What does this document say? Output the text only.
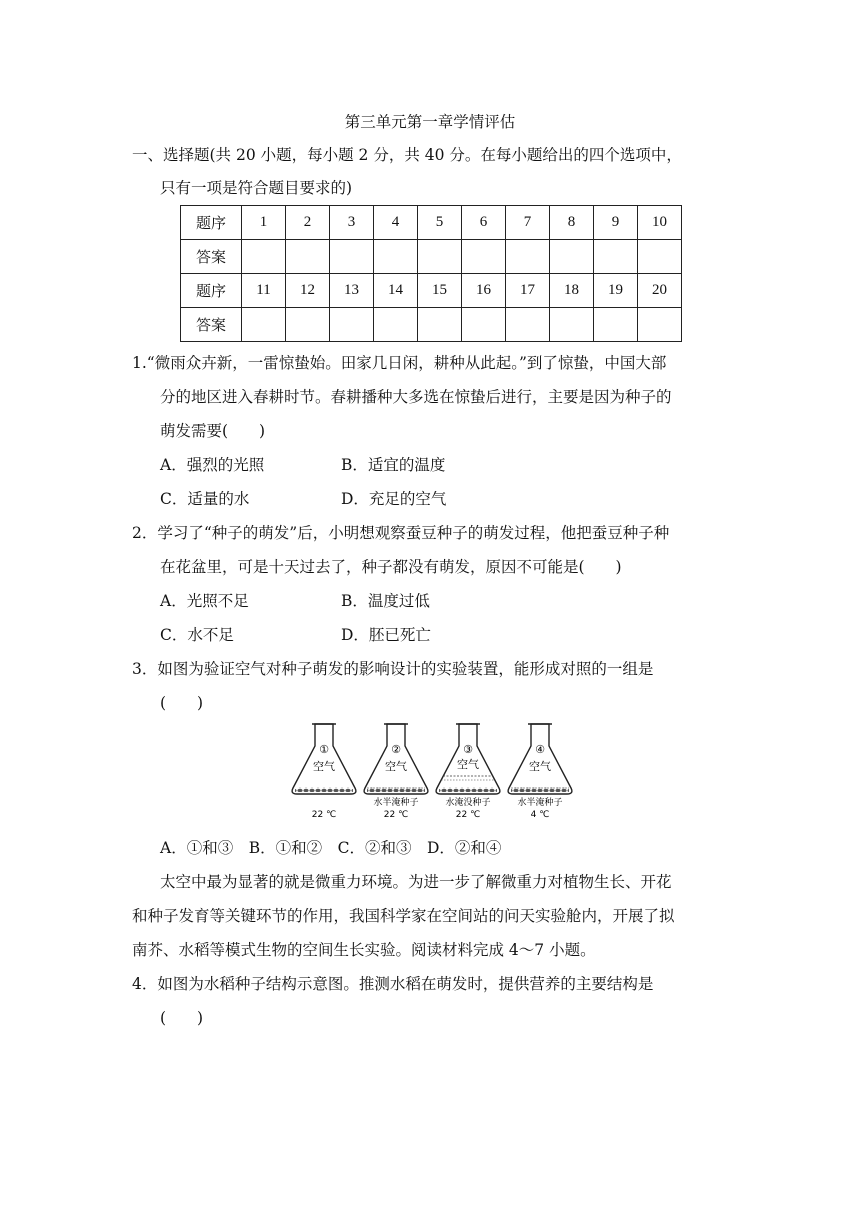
第三单元第一章学情评估
一、选择题(共 20 小题，每小题 2 分，共 40 分。在每小题给出的四个选项中，
只有一项是符合题目要求的)
题序	1	2	3	4	5	6	7	8	9	10
答案										
题序	11	12	13	14	15	16	17	18	19	20
答案										
1.“微雨众卉新，一雷惊蛰始。田家几日闲，耕种从此起。”到了惊蛰，中国大部
分的地区进入春耕时节。春耕播种大多选在惊蛰后进行，主要是因为种子的
萌发需要(　　)
A．强烈的光照	B．适宜的温度
C．适量的水	D．充足的空气
2．学习了“种子的萌发”后，小明想观察蚕豆种子的萌发过程，他把蚕豆种子种
在花盆里，可是十天过去了，种子都没有萌发，原因不可能是(　　)
A．光照不足	B．温度过低
C．水不足	D．胚已死亡
3．如图为验证空气对种子萌发的影响设计的实验装置，能形成对照的一组是
(　　)
①
空气
22 ℃
②
空气
水半淹种子
22 ℃
③
空气
水淹没种子
22 ℃
④
空气
水半淹种子
4 ℃
A．①和③　B．①和②　C．②和③　D．②和④
太空中最为显著的就是微重力环境。为进一步了解微重力对植物生长、开花
和种子发育等关键环节的作用，我国科学家在空间站的问天实验舱内，开展了拟
南芥、水稻等模式生物的空间生长实验。阅读材料完成 4～7 小题。
4．如图为水稻种子结构示意图。推测水稻在萌发时，提供营养的主要结构是
(　　)
